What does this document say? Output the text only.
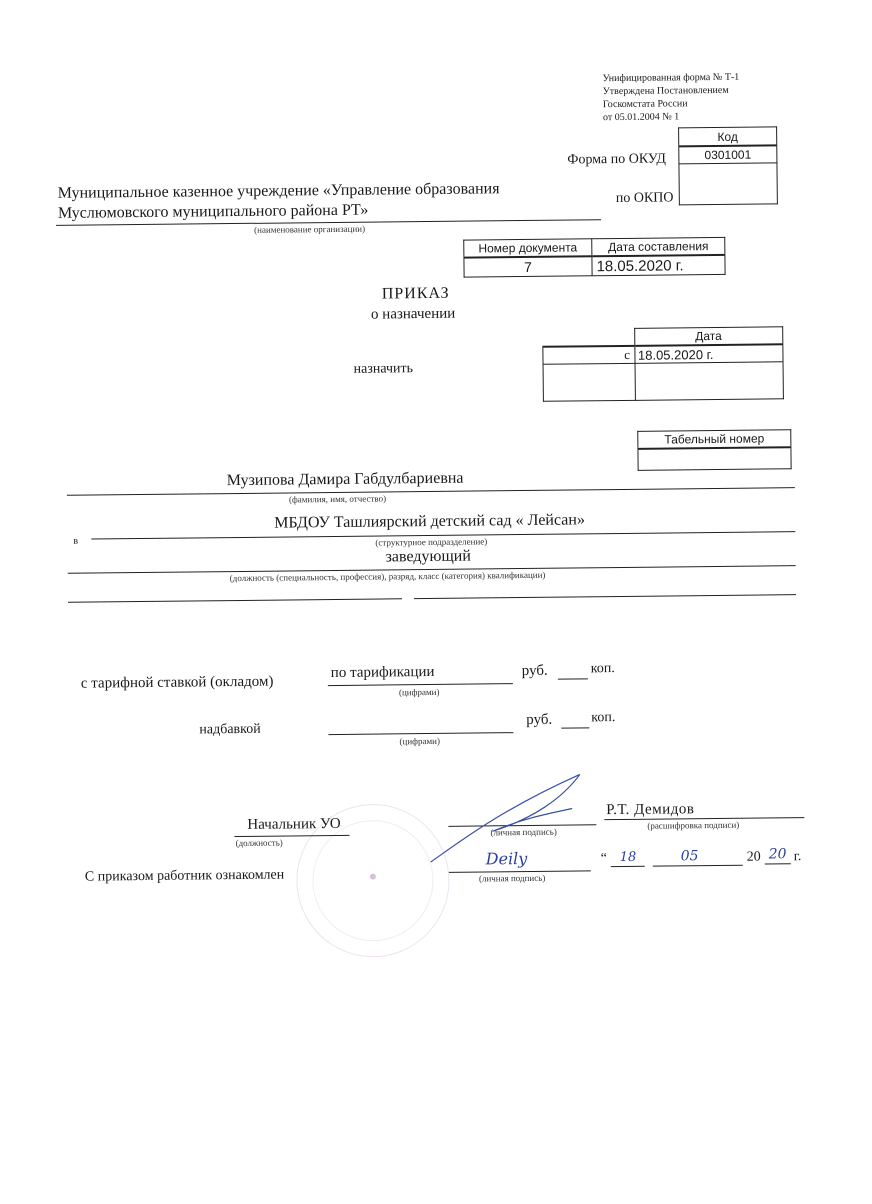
Унифицированная форма № Т-1
Утверждена Постановлением
Госкомстата России
от 05.01.2004 № 1
Код
0301001

Форма по ОКУД
по ОКПО
Муниципальное казенное учреждение «Управление образования
Муслюмовского муниципального района РТ»
(наименование организации)
Номер документа	Дата составления
7	18.05.2020 г.
ПРИКАЗ
о назначении
	Дата
с	18.05.2020 г.

назначить
Табельный номер

Музипова Дамира Габдулбариевна
(фамилия, имя, отчество)
в
МБДОУ Ташлиярский детский сад « Лейсан»
(структурное подразделение)
заведующий
(должность (специальность, профессия), разряд, класс (категория) квалификации)
с тарифной ставкой (окладом)
по тарификации	руб.	коп.
(цифрами)
надбавкой
руб.	коп.
(цифрами)
Начальник УО
(должность)
(личная подпись)
Р.Т. Демидов
(расшифровка подписи)
С приказом работник ознакомлен
Deily
(личная подпись)
“ 18	05	20 20 г.
